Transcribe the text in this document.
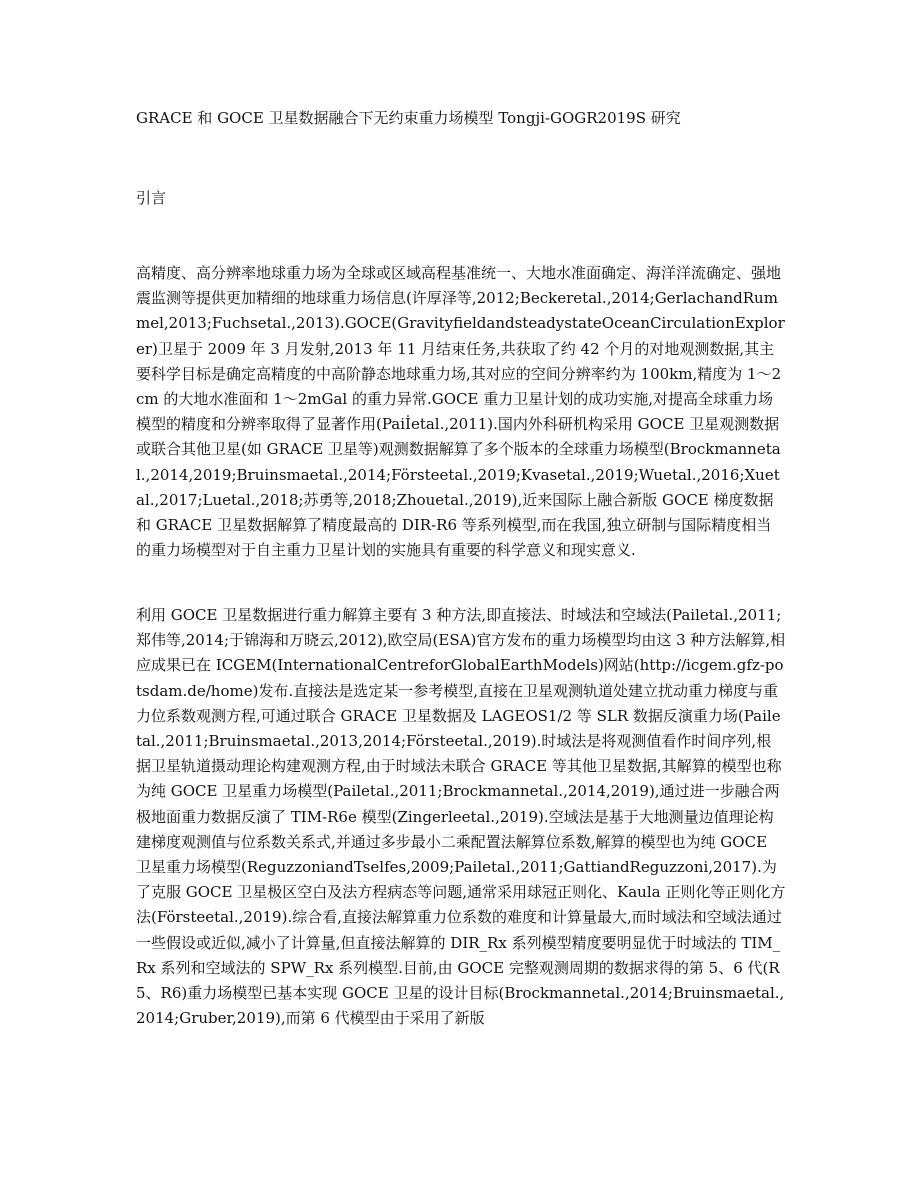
GRACE 和 GOCE 卫星数据融合下无约束重力场模型 Tongji-GOGR2019S 研究
引言

高精度、高分辨率地球重力场为全球或区域高程基准统一、大地水准面确定、海洋洋流确定、强地震监测等提供更加精细的地球重力场信息(许厚泽等,2012;Beckeretal.,2014;GerlachandRummel,2013;Fuchsetal.,2013).GOCE(GravityfieldandsteadystateOceanCirculationExplorer)卫星于 2009 年 3 月发射,2013 年 11 月结束任务,共获取了约 42 个月的对地观测数据,其主要科学目标是确定高精度的中高阶静态地球重力场,其对应的空间分辨率约为 100km,精度为 1～2cm 的大地水准面和 1～2mGal 的重力异常.GOCE 重力卫星计划的成功实施,对提高全球重力场模型的精度和分辨率取得了显著作用(Paiİetal.,2011).国内外科研机构采用 GOCE 卫星观测数据或联合其他卫星(如 GRACE 卫星等)观测数据解算了多个版本的全球重力场模型(Brockmannetal.,2014,2019;Bruinsmaetal.,2014;Försteetal.,2019;Kvasetal.,2019;Wuetal.,2016;Xuetal.,2017;Luetal.,2018;苏勇等,2018;Zhouetal.,2019),近来国际上融合新版 GOCE 梯度数据和 GRACE 卫星数据解算了精度最高的 DIR-R6 等系列模型,而在我国,独立研制与国际精度相当的重力场模型对于自主重力卫星计划的实施具有重要的科学意义和现实意义.

利用 GOCE 卫星数据进行重力解算主要有 3 种方法,即直接法、时域法和空域法(Pailetal.,2011;郑伟等,2014;于锦海和万晓云,2012),欧空局(ESA)官方发布的重力场模型均由这 3 种方法解算,相应成果已在 ICGEM(InternationalCentreforGlobalEarthModels)网站(http://icgem.gfz-potsdam.de/home)发布.直接法是选定某一参考模型,直接在卫星观测轨道处建立扰动重力梯度与重力位系数观测方程,可通过联合 GRACE 卫星数据及 LAGEOS1/2 等 SLR 数据反演重力场(Pailetal.,2011;Bruinsmaetal.,2013,2014;Försteetal.,2019).时域法是将观测值看作时间序列,根据卫星轨道摄动理论构建观测方程,由于时域法未联合 GRACE 等其他卫星数据,其解算的模型也称为纯 GOCE 卫星重力场模型(Pailetal.,2011;Brockmannetal.,2014,2019),通过进一步融合两极地面重力数据反演了 TIM-R6e 模型(Zingerleetal.,2019).空域法是基于大地测量边值理论构建梯度观测值与位系数关系式,并通过多步最小二乘配置法解算位系数,解算的模型也为纯 GOCE 卫星重力场模型(ReguzzoniandTselfes,2009;Pailetal.,2011;GattiandReguzzoni,2017).为了克服 GOCE 卫星极区空白及法方程病态等问题,通常采用球冠正则化、Kaula 正则化等正则化方法(Försteetal.,2019).综合看,直接法解算重力位系数的难度和计算量最大,而时域法和空域法通过一些假设或近似,减小了计算量,但直接法解算的 DIR_Rx 系列模型精度要明显优于时域法的 TIM_Rx 系列和空域法的 SPW_Rx 系列模型.目前,由 GOCE 完整观测周期的数据求得的第 5、6 代(R5、R6)重力场模型已基本实现 GOCE 卫星的设计目标(Brockmannetal.,2014;Bruinsmaetal.,2014;Gruber,2019),而第 6 代模型由于采用了新版
